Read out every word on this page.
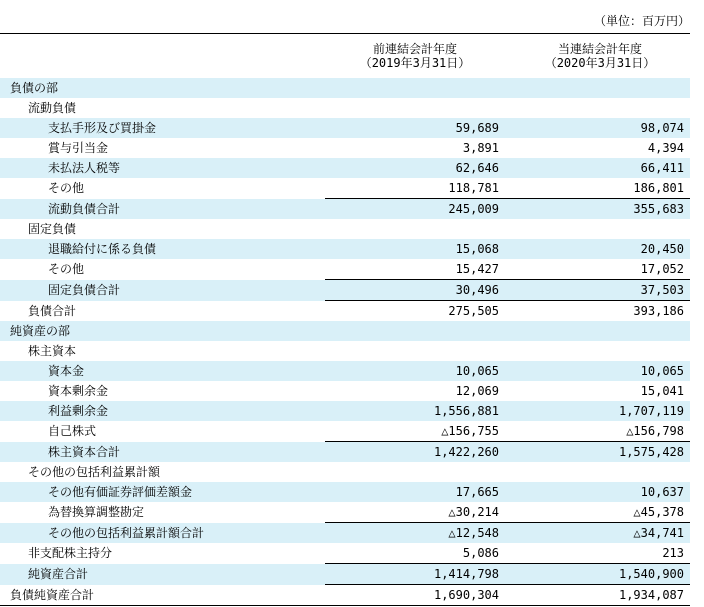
（単位：百万円）
前連結会計年度
（2019年3月31日）
当連結会計年度
（2020年3月31日）
負債の部		
流動負債		
支払手形及び買掛金	59,689	98,074
賞与引当金	3,891	4,394
未払法人税等	62,646	66,411
その他	118,781	186,801
流動負債合計	245,009	355,683
固定負債		
退職給付に係る負債	15,068	20,450
その他	15,427	17,052
固定負債合計	30,496	37,503
負債合計	275,505	393,186
純資産の部		
株主資本		
資本金	10,065	10,065
資本剰余金	12,069	15,041
利益剰余金	1,556,881	1,707,119
自己株式	△156,755	△156,798
株主資本合計	1,422,260	1,575,428
その他の包括利益累計額		
その他有価証券評価差額金	17,665	10,637
為替換算調整勘定	△30,214	△45,378
その他の包括利益累計額合計	△12,548	△34,741
非支配株主持分	5,086	213
純資産合計	1,414,798	1,540,900
負債純資産合計	1,690,304	1,934,087
